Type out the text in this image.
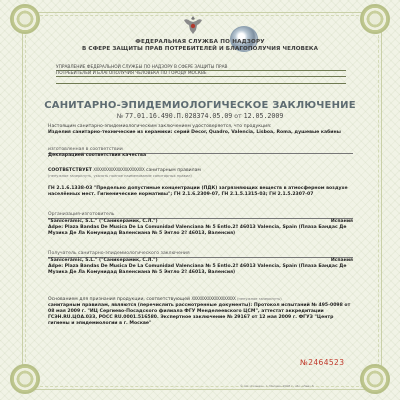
ФЕДЕРАЛЬНАЯ СЛУЖБА ПО НАДЗОРУ
В СФЕРЕ ЗАЩИТЫ ПРАВ ПОТРЕБИТЕЛЕЙ И БЛАГОПОЛУЧИЯ ЧЕЛОВЕКА
УПРАВЛЕНИЕ ФЕДЕРАЛЬНОЙ СЛУЖБЫ ПО НАДЗОРУ В СФЕРЕ ЗАЩИТЫ ПРАВ
ПОТРЕБИТЕЛЕЙ И БЛАГОПОЛУЧИЯ ЧЕЛОВЕКА ПО ГОРОДУ МОСКВЕ
САНИТАРНО-ЭПИДЕМИОЛОГИЧЕСКОЕ ЗАКЛЮЧЕНИЕ
№ 77.01.16.490.П.028374.05.09 от 12.05.2009
Настоящим санитарно-эпидемиологическим заключением удостоверяется, что продукция:
Изделия санитарно-технические из керамики: серий Decor, Quadro, Valencia, Lisboa, Roma, душевые кабины
изготовленная в соответствии
Декларацией соответствия качества
СООТВЕТСТВУЕТ XXXXXXXXXXXXXXXXXXXXXX санитарным правилам
(ненужное зачеркнуть, указать полное наименование санитарных правил)
ГН 2.1.6.1338-03 "Предельно допустимые концентрации (ПДК) загрязняющих веществ в атмосферном воздухе населённых мест. Гигиенические нормативы"; ГН 2.1.6.2309-07, ГН 2.1.5.1315-03; ГН 2.1.5.2307-07
Организация-изготовитель
"Sanicerámic, S.L." ("Саникерамик, С.Л.")	Испания
Adpe: Plaza Bandas De Musica De La Comunidad Valenciana № 5 Entlo.2º 46013 Valencia, Spain (Плаза Бандас Де Музика Де Ла Комунидад Валенсиана № 5 Энтло 2º 46013, Валенсия)
Получатель санитарно-эпидемиологического заключения
"Sanicerámic, S.L." ("Саникерамик, С.Л.")	Испания
Adpe: Plaza Bandas De Musica De La Comunidad Valenciana № 5 Entlo.2º 46013 Valencia, Spain (Плаза Бандас Де Музика Де Ла Комунидад Валенсиана № 5 Энтло 2º 46013, Валенсия)
Основанием для признания продукции, соответствующей XXXXXXXXXXXXXXXXXXX (ненужное зачеркнуть)
санитарным правилам, являются (перечислить рассмотренные документы): Протокол испытаний № 495-0098 от 08 мая 2009 г. "ИЦ Сергиево-Посадского филиала ФГУ Менделеевского ЦСМ", аттестат аккредитации ГСЭН.RU.ЦОА.033, РОСС RU.0001.516580. Экспертное заключение № 29167 от 12 мая 2009 г. ФГУЗ "Центр гигиены и эпидемиологии в г. Москве"
№2464523
© АО «Гознак», г. Москва, 2008 г. «Б» «Лев» 5
